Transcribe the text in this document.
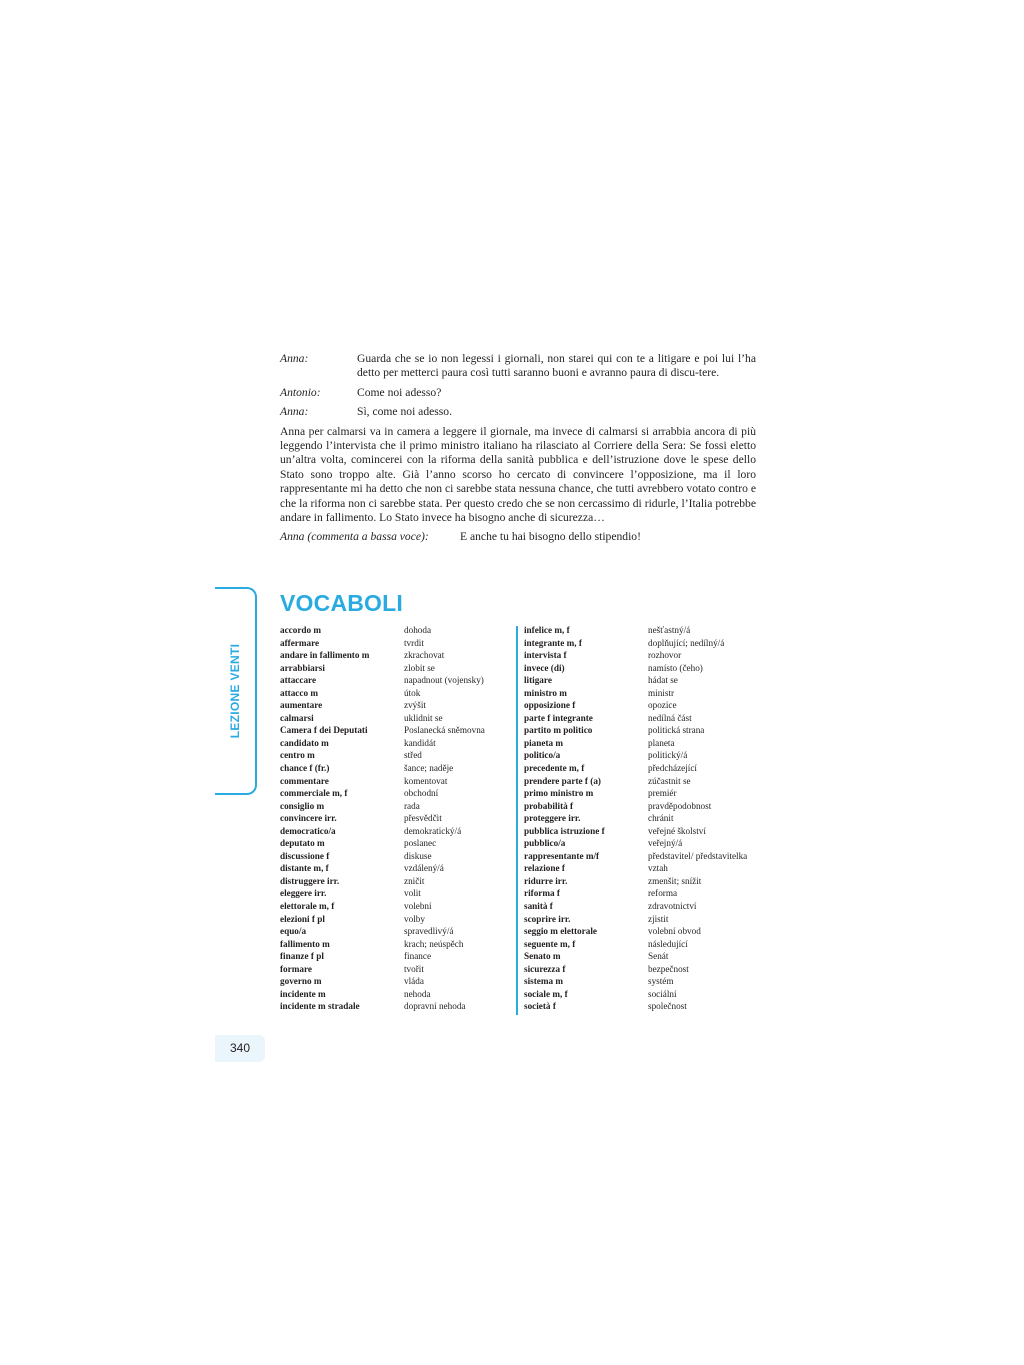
Anna:	Guarda che se io non legessi i giornali, non starei qui con te a litigare e poi lui l’ha detto per metterci paura così tutti saranno buoni e avranno paura di discu-tere.
Antonio:	Come noi adesso?
Anna:	Sì, come noi adesso.
Anna per calmarsi va in camera a leggere il giornale, ma invece di calmarsi si arrabbia ancora di più leggendo l’intervista che il primo ministro italiano ha rilasciato al Corriere della Sera: Se fossi eletto un’altra volta, comincerei con la riforma della sanità pubblica e dell’istruzione dove le spese dello Stato sono troppo alte. Già l’anno scorso ho cercato di convincere l’opposizione, ma il loro rappresentante mi ha detto che non ci sarebbe stata nessuna chance, che tutti avrebbero votato contro e che la riforma non ci sarebbe stata. Per questo credo che se non cercassimo di ridurle, l’Italia potrebbe andare in fallimento. Lo Stato invece ha bisogno anche di sicurezza…
Anna (commenta a bassa voce):	E anche tu hai bisogno dello stipendio!
LEZIONE VENTI
VOCABOLI
accordo m	dohoda
affermare	tvrdit
andare in fallimento m	zkrachovat
arrabbiarsi	zlobit se
attaccare	napadnout (vojensky)
attacco m	útok
aumentare	zvýšit
calmarsi	uklidnit se
Camera f dei Deputati	Poslanecká sněmovna
candidato m	kandidát
centro m	střed
chance f (fr.)	šance; naděje
commentare	komentovat
commerciale m, f	obchodní
consiglio m	rada
convincere irr.	přesvědčit
democratico/a	demokratický/á
deputato m	poslanec
discussione f	diskuse
distante m, f	vzdálený/á
distruggere irr.	zničit
eleggere irr.	volit
elettorale m, f	volební
elezioni f pl	volby
equo/a	spravedlivý/á
fallimento m	krach; neúspěch
finanze f pl	finance
formare	tvořit
governo m	vláda
incidente m	nehoda
incidente m stradale	dopravní nehoda
infelice m, f	nešťastný/á
integrante m, f	doplňující; nedílný/á
intervista f	rozhovor
invece (di)	namísto (čeho)
litigare	hádat se
ministro m	ministr
opposizione f	opozice
parte f integrante	nedílná část
partito m politico	politická strana
pianeta m	planeta
politico/a	politický/á
precedente m, f	předcházející
prendere parte f (a)	zúčastnit se
primo ministro m	premiér
probabilità f	pravděpodobnost
proteggere irr.	chránit
pubblica istruzione f	veřejné školství
pubblico/a	veřejný/á
rappresentante m/f	představitel/ představitelka
relazione f	vztah
ridurre irr.	zmenšit; snížit
riforma f	reforma
sanità f	zdravotnictví
scoprire irr.	zjistit
seggio m elettorale	volební obvod
seguente m, f	následující
Senato m	Senát
sicurezza f	bezpečnost
sistema m	systém
sociale m, f	sociální
società f	společnost
340
